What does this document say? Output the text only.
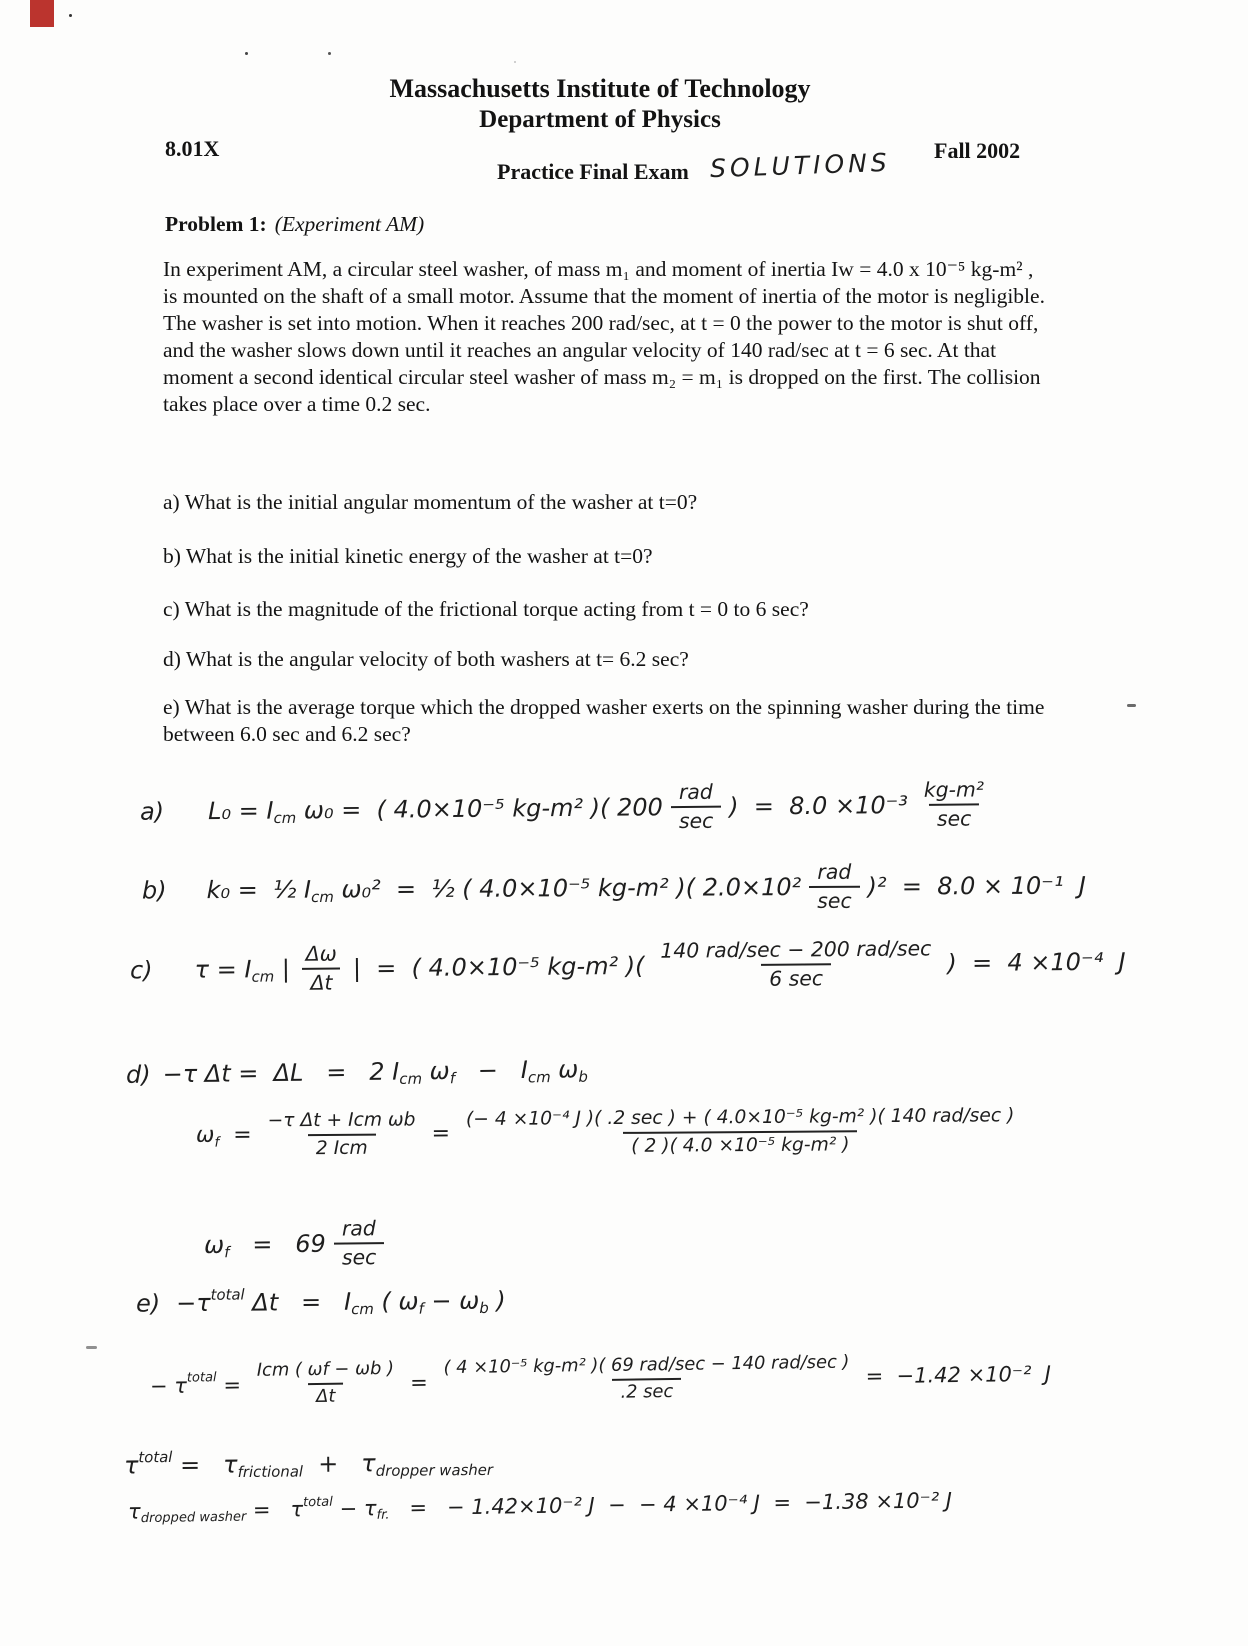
Massachusetts Institute of Technology
Department of Physics
8.01X	Fall 2002
Practice Final Exam SOLUTIONS
Problem 1: (Experiment AM)
In experiment AM, a circular steel washer, of mass m₁ and moment of inertia Iw = 4.0 x 10⁻⁵ kg-m² , is mounted on the shaft of a small motor. Assume that the moment of inertia of the motor is negligible. The washer is set into motion. When it reaches 200 rad/sec, at t = 0 the power to the motor is shut off, and the washer slows down until it reaches an angular velocity of 140 rad/sec at t = 6 sec. At that moment a second identical circular steel washer of mass m₂ = m₁ is dropped on the first. The collision takes place over a time 0.2 sec.
a) What is the initial angular momentum of the washer at t=0?
b) What is the initial kinetic energy of the washer at t=0?
c) What is the magnitude of the frictional torque acting from t = 0 to 6 sec?
d) What is the angular velocity of both washers at t= 6.2 sec?
e) What is the average torque which the dropped washer exerts on the spinning washer during the time between 6.0 sec and 6.2 sec?
a) L₀ = I cm ω₀ =  ( 4.0×10⁻⁵ kg-m² )( $200 \frac{\text{rad}}{\sec}$ )  =  $8.0 \times 10^{-3} \frac{\text{kg-m²}}{\sec}$
b) k₀ =  ½ I cm ω₀²  =  ½ ( 4.0×10⁻⁵ kg-m² )( $2.0\times 10^2 \frac{\text{rad}}{\sec} )^2 = 8.0 \times 10^{-1}$  J
c) τ = I cm | $\frac{\Delta\omega}{\Delta t}$ |  =  ( 4.0×10⁻⁵ kg-m² )( $\frac{\text{140 rad/sec − 200 rad/sec}}{6 \sec}$ )  =  4 ×10⁻⁴  J
d) −τ Δt =  ΔL   =   2 I cm ω f −   I cm ω b
ω $f = \frac{\text{−τ Δt + Icm ωb}}{\text{2 Icm}} = \frac{\text{(− 4 ×10⁻⁴ J )( .2 sec ) + ( 4.0×10⁻⁵ kg-m² )( 140 rad/sec )}}{\text{( 2 )( 4.0 ×10⁻⁵ kg-m² )}}$
ω $f = 69 \frac{\text{rad}}{\sec}$
e) −τ total Δt   =   I cm ( ω f − ω b )
− τ total = $\frac{\text{Icm ( ωf − ωb )}}{\Delta t} = \frac{\text{( 4 ×10⁻⁵ kg-m² )( 69 rad/sec − 140 rad/sec )}}{.2 \sec} = -1.42 \times 10^{-2}$  J
τ total =   τ frictional +   τ dropper washer
τ dropped washer =   τ total − τ fr. =   − 1.42×10⁻² J  −  − 4 ×10⁻⁴ J  =  −1.38 ×10⁻² J
